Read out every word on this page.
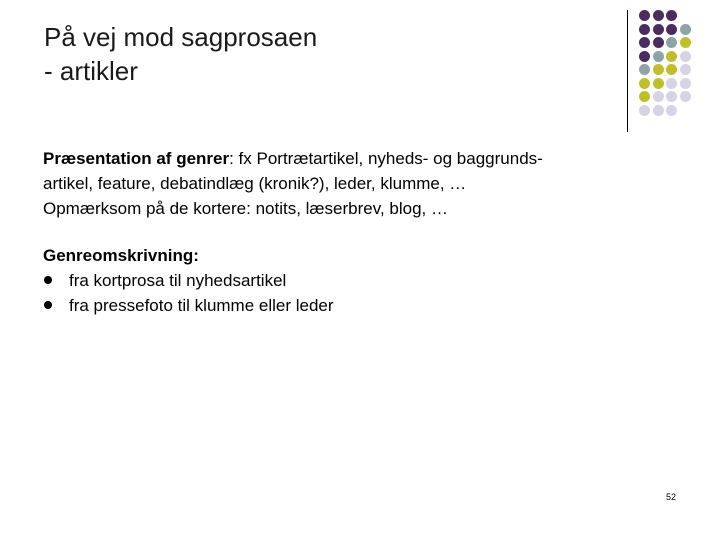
På vej mod sagprosaen
- artikler

Præsentation af genrer: fx Portrætartikel, nyheds- og baggrunds-
artikel, feature, debatindlæg (kronik?), leder, klumme, …
Opmærksom på de kortere: notits, læserbrev, blog, …

Genreomskrivning:
fra kortprosa til nyhedsartikel
fra pressefoto til klumme eller leder
52
